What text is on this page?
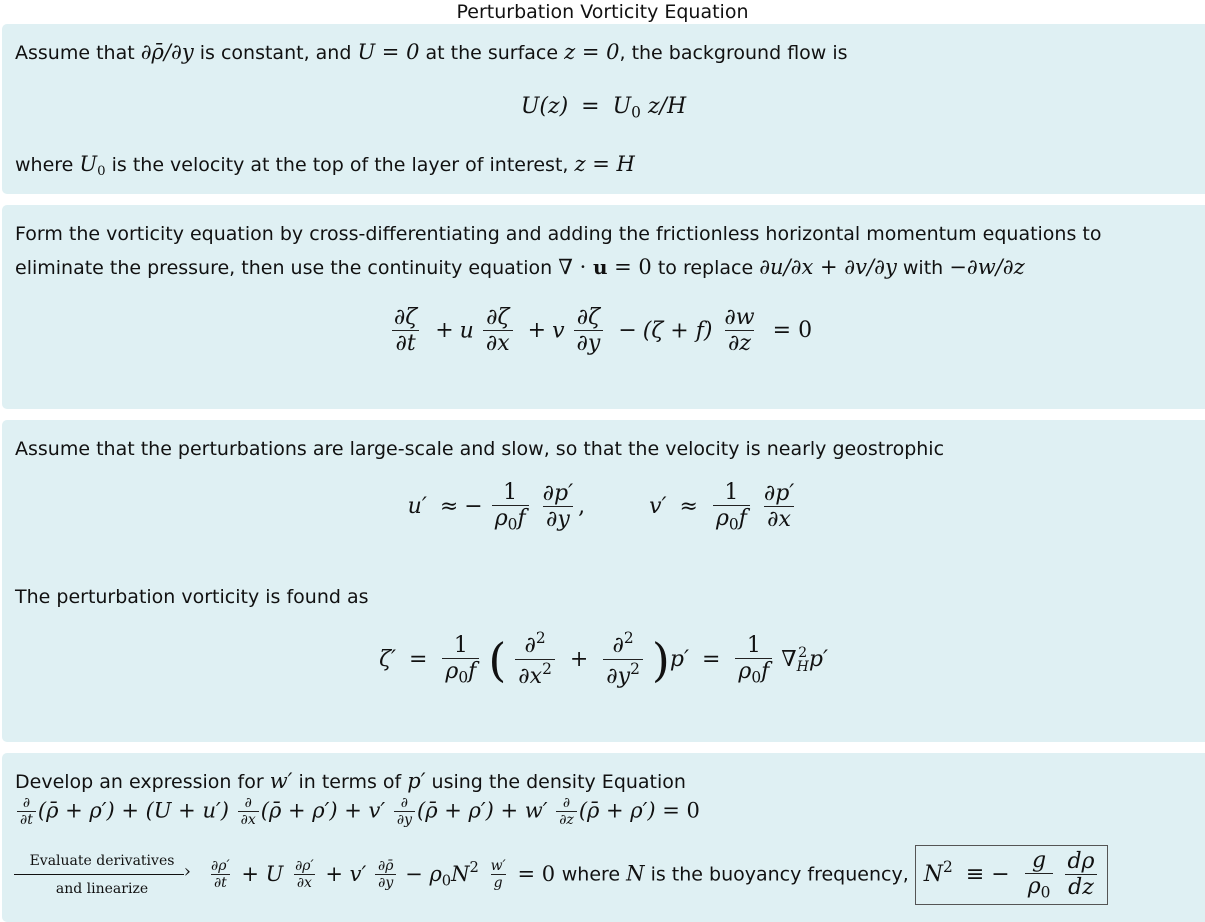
Perturbation Vorticity Equation
Assume that ∂ρ̄/∂y is constant, and U = 0 at the surface z = 0, the background flow is
$U(z) = U_0$ z/H
where $U_0$ is the velocity at the top of the layer of interest, z = H
Form the vorticity equation by cross-differentiating and adding the frictionless horizontal momentum equations to
eliminate the pressure, then use the continuity equation ∇ · u = 0 to replace ∂u/∂x + ∂v/∂y with −∂w/∂z
$\frac{\partial\zeta}{\partial t} + u \frac{\partial\zeta}{\partial x} + v \frac{\partial\zeta}{\partial y} - (\zeta + f) \frac{\partial w}{\partial z} = 0$
Assume that the perturbations are large-scale and slow, so that the velocity is nearly geostrophic
u′ ≈ − $\frac{1}{\rho_0f}$
$\frac{\partial p'}{\partial y}$ ,	$v' \approx \frac{1}{\rho_0f}$
$\frac{\partial p'}{\partial x}$
The perturbation vorticity is found as
$\zeta' = \frac{1}{\rho_0f}$ ( $\frac{\partial^2}{\partial x^2} + \frac{\partial^2}{\partial y^2} )p' = \frac{1}{\rho_0f}$ ∇ 2
H p′
Develop an expression for w′ in terms of p′ using the density Equation
$\frac{\partial}{\partial t}$ (ρ̄ + $\rho') + (U + u') \frac{\partial}{\partial x}$ (ρ̄ + $\rho') + v' \frac{\partial}{\partial y}$ (ρ̄ + $\rho') + w' \frac{\partial}{\partial z}$ (ρ̄ + ρ′) = 0
Evaluate derivatives
›
and linearize
	$\frac{\partial\rho'}{\partial t} + U \frac{\partial\rho'}{\partial x} + v' \frac{\partial\rhō}{\partial y} - \rho_0N^2 \frac{w'}{g} = 0$ where N is the buoyancy frequency, $N^2$ ≡ − $\frac{g}{\rho_0}$
$\frac{d\rho}{dz}$
